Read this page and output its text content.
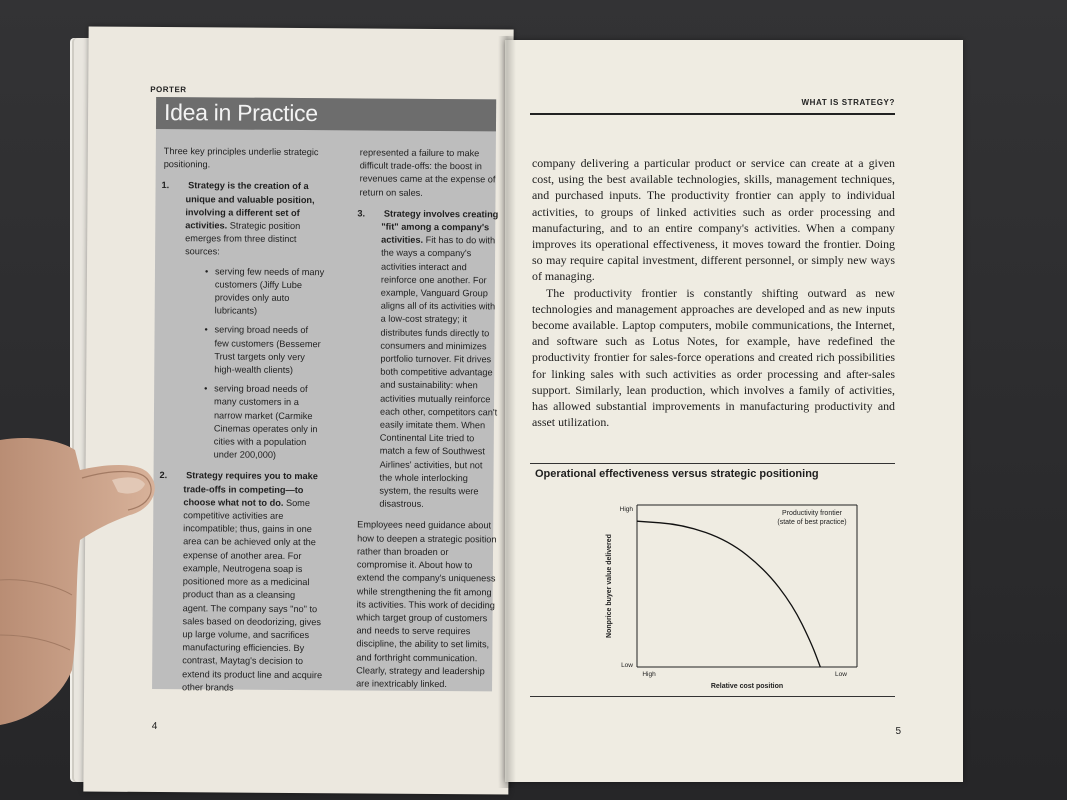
PORTER
Idea in Practice

Three key principles underlie strategic positioning.

1. Strategy is the creation of a unique and valuable position, involving a different set of activities. Strategic position emerges from three distinct sources:
• serving few needs of many customers (Jiffy Lube provides only auto lubricants)
• serving broad needs of few customers (Bessemer Trust targets only very high-wealth clients)
• serving broad needs of many customers in a narrow market (Carmike Cinemas operates only in cities with a population under 200,000)
2. Strategy requires you to make trade-offs in competing—to choose what not to do. Some competitive activities are incompatible; thus, gains in one area can be achieved only at the expense of another area. For example, Neutrogena soap is positioned more as a medicinal product than as a cleansing agent. The company says "no" to sales based on deodorizing, gives up large volume, and sacrifices manufacturing efficiencies. By contrast, Maytag's decision to extend its product line and acquire other brands

represented a failure to make difficult trade-offs: the boost in revenues came at the expense of return on sales.

3. Strategy involves creating "fit" among a company's activities. Fit has to do with the ways a company's activities interact and reinforce one another. For example, Vanguard Group aligns all of its activities with a low-cost strategy; it distributes funds directly to consumers and minimizes portfolio turnover. Fit drives both competitive advantage and sustainability: when activities mutually reinforce each other, competitors can't easily imitate them. When Continental Lite tried to match a few of Southwest Airlines' activities, but not the whole interlocking system, the results were disastrous.

Employees need guidance about how to deepen a strategic position rather than broaden or compromise it. About how to extend the company's uniqueness while strengthening the fit among its activities. This work of deciding which target group of customers and needs to serve requires discipline, the ability to set limits, and forthright communication. Clearly, strategy and leadership are inextricably linked.

4
WHAT IS STRATEGY?

company delivering a particular product or service can create at a given cost, using the best available technologies, skills, management techniques, and purchased inputs. The productivity frontier can apply to individual activities, to groups of linked activities such as order processing and manufacturing, and to an entire company's activities. When a company improves its operational effectiveness, it moves toward the frontier. Doing so may require capital investment, different personnel, or simply new ways of managing.

The productivity frontier is constantly shifting outward as new technologies and management approaches are developed and as new inputs become available. Laptop computers, mobile communications, the Internet, and software such as Lotus Notes, for example, have redefined the productivity frontier for sales-force operations and created rich possibilities for linking sales with such activities as order processing and after-sales support. Similarly, lean production, which involves a family of activities, has allowed substantial improvements in manufacturing productivity and asset utilization.

Operational effectiveness versus strategic positioning
Nonprice buyer value delivered
High
Low
High	Low
Relative cost position
Productivity frontier
(state of best practice)
5
